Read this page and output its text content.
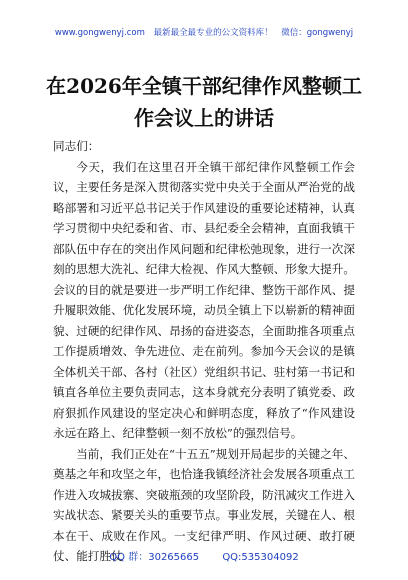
www.gongwenyj.com 最新最全最专业的公文资料库！ 微信：gongwenyj
在2026年全镇干部纪律作风整顿工作会议上的讲话

同志们：

今天，我们在这里召开全镇干部纪律作风整顿工作会议，主要任务是深入贯彻落实党中央关于全面从严治党的战略部署和习近平总书记关于作风建设的重要论述精神，认真学习贯彻中央纪委和省、市、县纪委全会精神，直面我镇干部队伍中存在的突出作风问题和纪律松弛现象，进行一次深刻的思想大洗礼、纪律大检视、作风大整顿、形象大提升。会议的目的就是要进一步严明工作纪律、整饬干部作风、提升履职效能、优化发展环境，动员全镇上下以崭新的精神面貌、过硬的纪律作风、昂扬的奋进姿态，全面助推各项重点工作提质增效、争先进位、走在前列。参加今天会议的是镇全体机关干部、各村（社区）党组织书记、驻村第一书记和镇直各单位主要负责同志，这本身就充分表明了镇党委、政府狠抓作风建设的坚定决心和鲜明态度，释放了“作风建设永远在路上、纪律整顿一刻不放松”的强烈信号。

当前，我们正处在“十五五”规划开局起步的关键之年、奠基之年和攻坚之年，也恰逢我镇经济社会发展各项重点工作进入攻城拔寨、突破瓶颈的攻坚阶段，防汛减灾工作进入实战状态、紧要关头的重要节点。事业发展，关键在人、根本在干、成败在作风。一支纪律严明、作风过硬、敢打硬仗、能打胜仗

QQ 群：30265665 QQ:535304092
